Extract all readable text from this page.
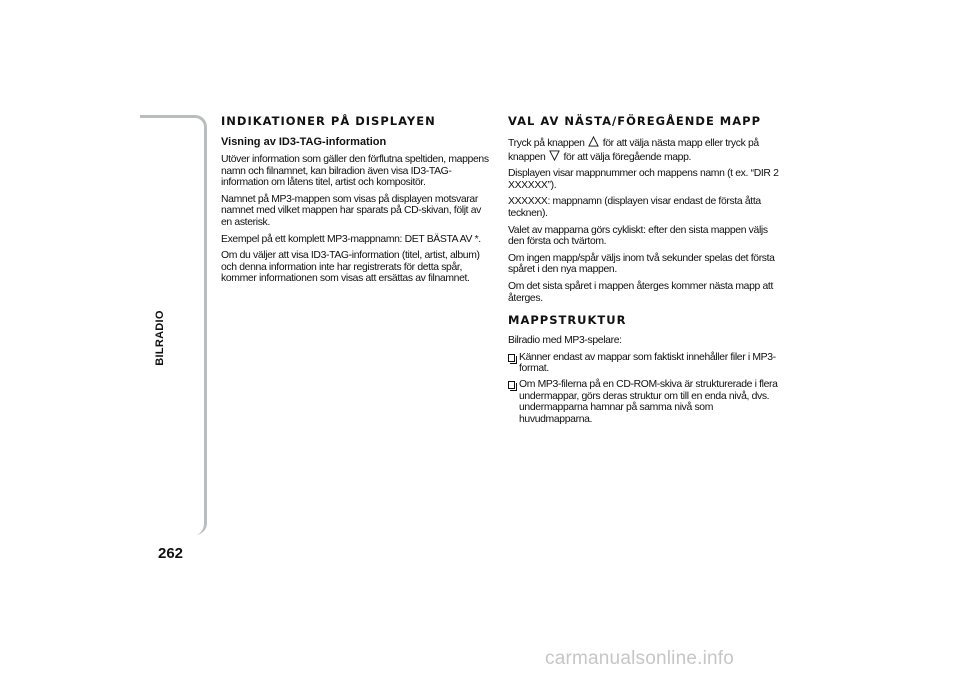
BILRADIO
262
INDIKATIONER PÅ DISPLAYEN
Visning av ID3-TAG-information

Utöver information som gäller den förflutna speltiden, mappens namn och filnamnet, kan bilradion även visa ID3-TAG-information om låtens titel, artist och kompositör.

Namnet på MP3-mappen som visas på displayen motsvarar namnet med vilket mappen har sparats på CD-skivan, följt av en asterisk.

Exempel på ett komplett MP3-mappnamn: DET BÄSTA AV *.

Om du väljer att visa ID3-TAG-information (titel, artist, album) och denna information inte har registrerats för detta spår, kommer informationen som visas att ersättas av filnamnet.

VAL AV NÄSTA/FÖREGÅENDE MAPP

Tryck på knappen för att välja nästa mapp eller tryck på knappen för att välja föregående mapp.

Displayen visar mappnummer och mappens namn (t ex. “DIR 2 XXXXXX”).

XXXXXX: mappnamn (displayen visar endast de första åtta tecknen).

Valet av mapparna görs cykliskt: efter den sista mappen väljs den första och tvärtom.

Om ingen mapp/spår väljs inom två sekunder spelas det första spåret i den nya mappen.

Om det sista spåret i mappen återges kommer nästa mapp att återges.

MAPPSTRUKTUR

Bilradio med MP3-spelare:

Känner endast av mappar som faktiskt innehåller filer i MP3-format.

Om MP3-filerna på en CD-ROM-skiva är strukturerade i flera undermappar, görs deras struktur om till en enda nivå, dvs. undermapparna hamnar på samma nivå som huvudmapparna.

carmanualsonline.info
